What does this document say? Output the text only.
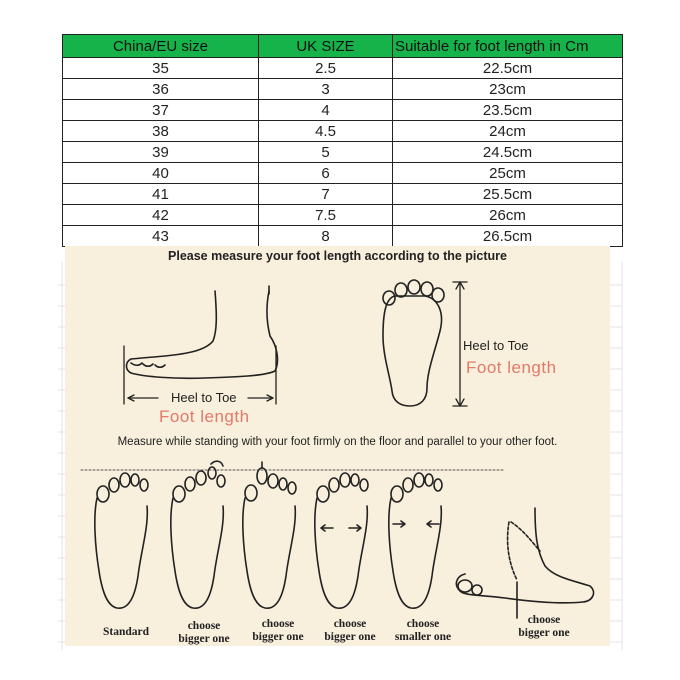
China/EU size	UK SIZE	Suitable for foot length in Cm
35	2.5	22.5cm
36	3	23cm
37	4	23.5cm
38	4.5	24cm
39	5	24.5cm
40	6	25cm
41	7	25.5cm
42	7.5	26cm
43	8	26.5cm
Please measure your foot length according to the picture
Heel to Toe
Foot length
Heel to Toe
Foot length
Measure while standing with your foot firmly on the floor and parallel to your other foot.
Standard	choose
bigger one
choose
bigger one
choose
bigger one
choose
smaller one
choose
bigger one
